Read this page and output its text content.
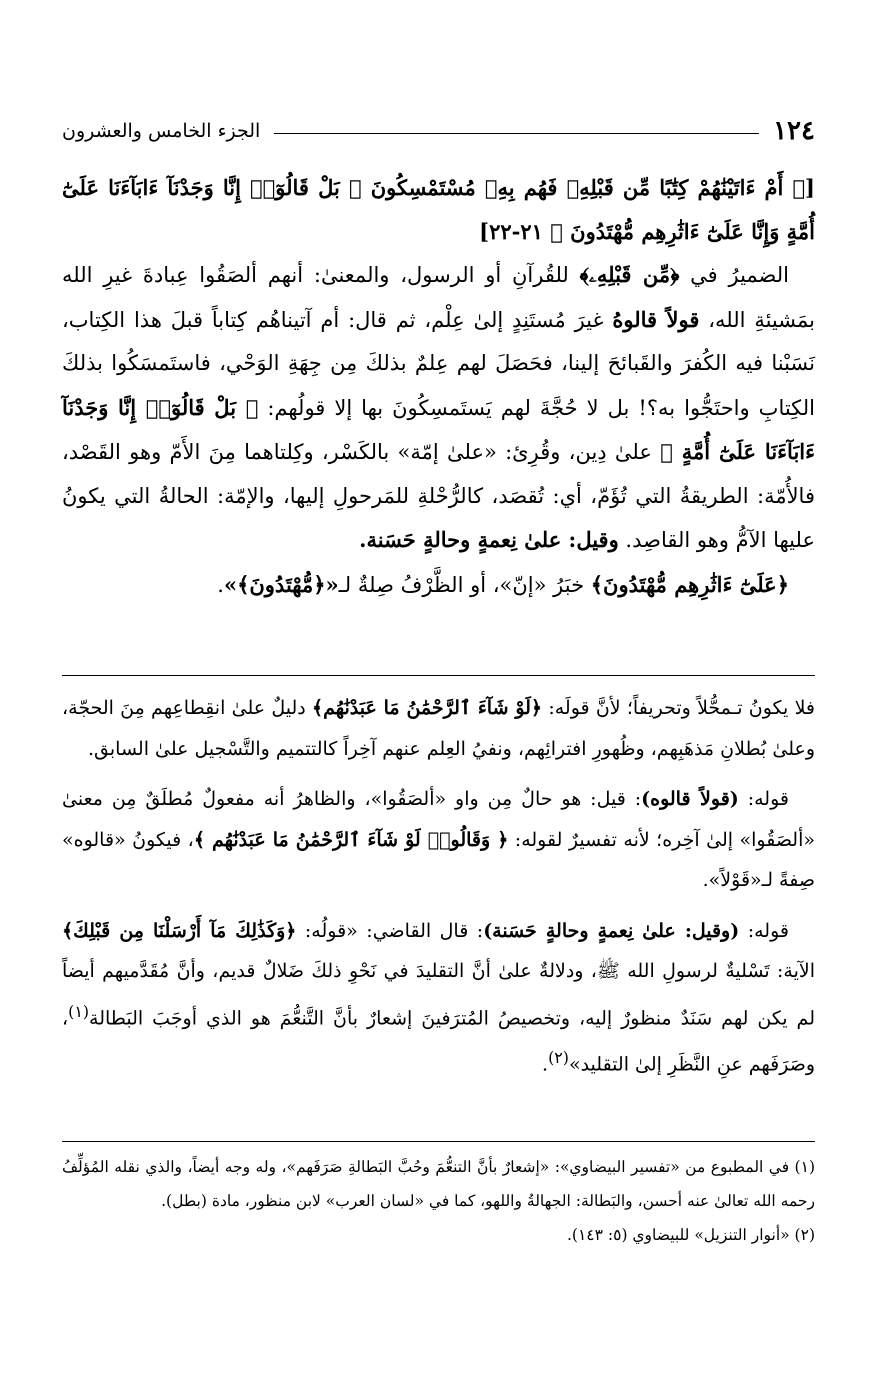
١٢٤
الجزء الخامس والعشرون

[﴿ أَمْ ءَاتَيْنَٰهُمْ كِتَٰبًا مِّن قَبْلِهِۦ فَهُم بِهِۦ مُسْتَمْسِكُونَ ۞ بَلْ قَالُوٓا۟ إِنَّا وَجَدْنَآ ءَابَآءَنَا عَلَىٰٓ أُمَّةٍ وَإِنَّا عَلَىٰٓ ءَاثَٰرِهِم مُّهْتَدُونَ ﴾ ٢١-٢٢]

الضميرُ في ﴿مِّن قَبْلِهِۦ﴾ للقُرآنِ أو الرسول، والمعنىٰ: أنهم ألصَقُوا عِبادةَ غيرِ الله بمَشيئةِ الله، قولاً قالوهُ غيرَ مُستَنِدٍ إلىٰ عِلْم، ثم قال: أم آتيناهُم كِتاباً قبلَ هذا الكِتاب، نَسَبْنا فيه الكُفرَ والقَبائحَ إلينا، فحَصَلَ لهم عِلمٌ بذلكَ مِن جِهَةِ الوَحْي، فاستَمسَكُوا بذلكَ الكِتابِ واحتَجُّوا به؟! بل لا حُجَّةَ لهم يَستَمسِكُونَ بها إلا قولُهم: ﴿ بَلْ قَالُوٓا۟ إِنَّا وَجَدْنَآ ءَابَآءَنَا عَلَىٰٓ أُمَّةٍ ﴾ علىٰ دِين، وقُرِئ: «علىٰ إمّة» بالكَسْر، وكِلتاهما مِنَ الأَمّ وهو القَصْد، فالأُمّة: الطريقةُ التي تُؤَمّ، أي: تُقصَد، كالرُّحْلةِ للمَرحولِ إليها، والإمّة: الحالةُ التي يكونُ عليها الآمُّ وهو القاصِد. وقيل: علىٰ نِعمةٍ وحالةٍ حَسَنة.

﴿عَلَىٰٓ ءَاثَٰرِهِم مُّهْتَدُونَ﴾ خبَرُ «إنّ»، أو الظَّرْفُ صِلةٌ لـ«﴿مُّهْتَدُونَ﴾».

فلا يكونُ تـمحُّلاً وتحريفاً؛ لأنَّ قولَه: ﴿لَوْ شَآءَ ٱلرَّحْمَٰنُ مَا عَبَدْنَٰهُم﴾ دليلٌ علىٰ انقِطاعِهم مِنَ الحجّة، وعلىٰ بُطلانِ مَذهَبِهم، وظُهورِ افترائِهم، ونفيُ العِلم عنهم آخِراً كالتتميم والتَّسْجيل علىٰ السابق.

قوله: (قولاً قالوه): قيل: هو حالٌ مِن واو «ألصَقُوا»، والظاهرُ أنه مفعولٌ مُطلَقٌ مِن معنىٰ «ألصَقُوا» إلىٰ آخِره؛ لأنه تفسيرٌ لقوله: ﴿ وَقَالُوا۟ لَوْ شَآءَ ٱلرَّحْمَٰنُ مَا عَبَدْنَٰهُم ﴾، فيكونُ «قالوه» صِفةً لـ«قَوْلاً».

قوله: (وقيل: علىٰ نِعمةٍ وحالةٍ حَسَنة): قال القاضي: «قولُه: ﴿وَكَذَٰلِكَ مَآ أَرْسَلْنَا مِن قَبْلِكَ﴾ الآية: تَسْليةٌ لرسولِ الله ﷺ، ودلالةٌ علىٰ أنَّ التقليدَ في نَحْوِ ذلكَ ضَلالٌ قديم، وأنَّ مُقَدَّميهم أيضاً لم يكن لهم سَنَدٌ منظورٌ إليه، وتخصيصُ المُترَفينَ إشعارٌ بأنَّ التَّنعُّمَ هو الذي أوجَبَ البَطالة$^{(١)}$، وصَرَفَهم عنِ النَّظَرِ إلىٰ التقليد»$^{(٢)}$.

(١) في المطبوع من «تفسير البيضاوي»: «إشعارٌ بأنَّ التنعُّمَ وحُبَّ البَطالةِ صَرَفَهم»، وله وجه أيضاً، والذي نقله المُؤلِّفُ رحمه الله تعالىٰ عنه أحسن، والبَطالة: الجهالةُ واللهو، كما في «لسان العرب» لابن منظور، مادة (بطل).

(٢) «أنوار التنزيل» للبيضاوي (٥: ١٤٣).
